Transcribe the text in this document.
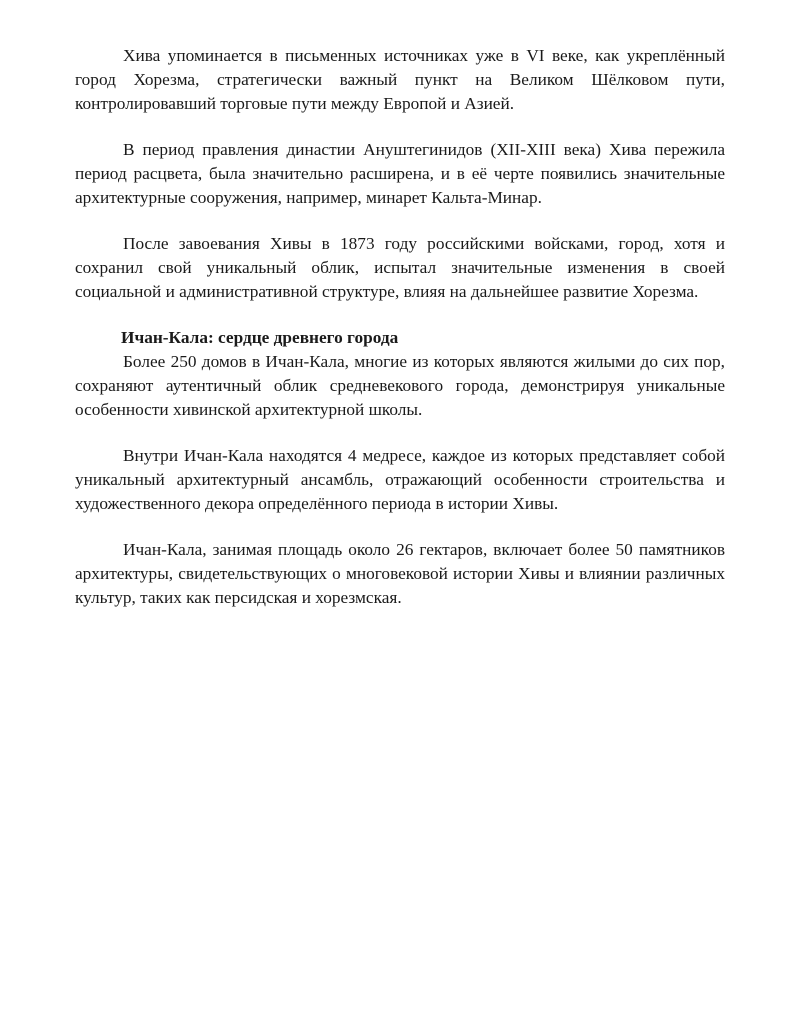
Хива упоминается в письменных источниках уже в VI веке, как укреплённый город Хорезма, стратегически важный пункт на Великом Шёлковом пути, контролировавший торговые пути между Европой и Азией.

В период правления династии Ануштегинидов (XII-XIII века) Хива пережила период расцвета, была значительно расширена, и в её черте появились значительные архитектурные сооружения, например, минарет Кальта-Минар.

После завоевания Хивы в 1873 году российскими войсками, город, хотя и сохранил свой уникальный облик, испытал значительные изменения в своей социальной и административной структуре, влияя на дальнейшее развитие Хорезма.

Ичан-Кала: сердце древнего города

Более 250 домов в Ичан-Кала, многие из которых являются жилыми до сих пор, сохраняют аутентичный облик средневекового города, демонстрируя уникальные особенности хивинской архитектурной школы.

Внутри Ичан-Кала находятся 4 медресе, каждое из которых представляет собой уникальный архитектурный ансамбль, отражающий особенности строительства и художественного декора определённого периода в истории Хивы.

Ичан-Кала, занимая площадь около 26 гектаров, включает более 50 памятников архитектуры, свидетельствующих о многовековой истории Хивы и влиянии различных культур, таких как персидская и хорезмская.
